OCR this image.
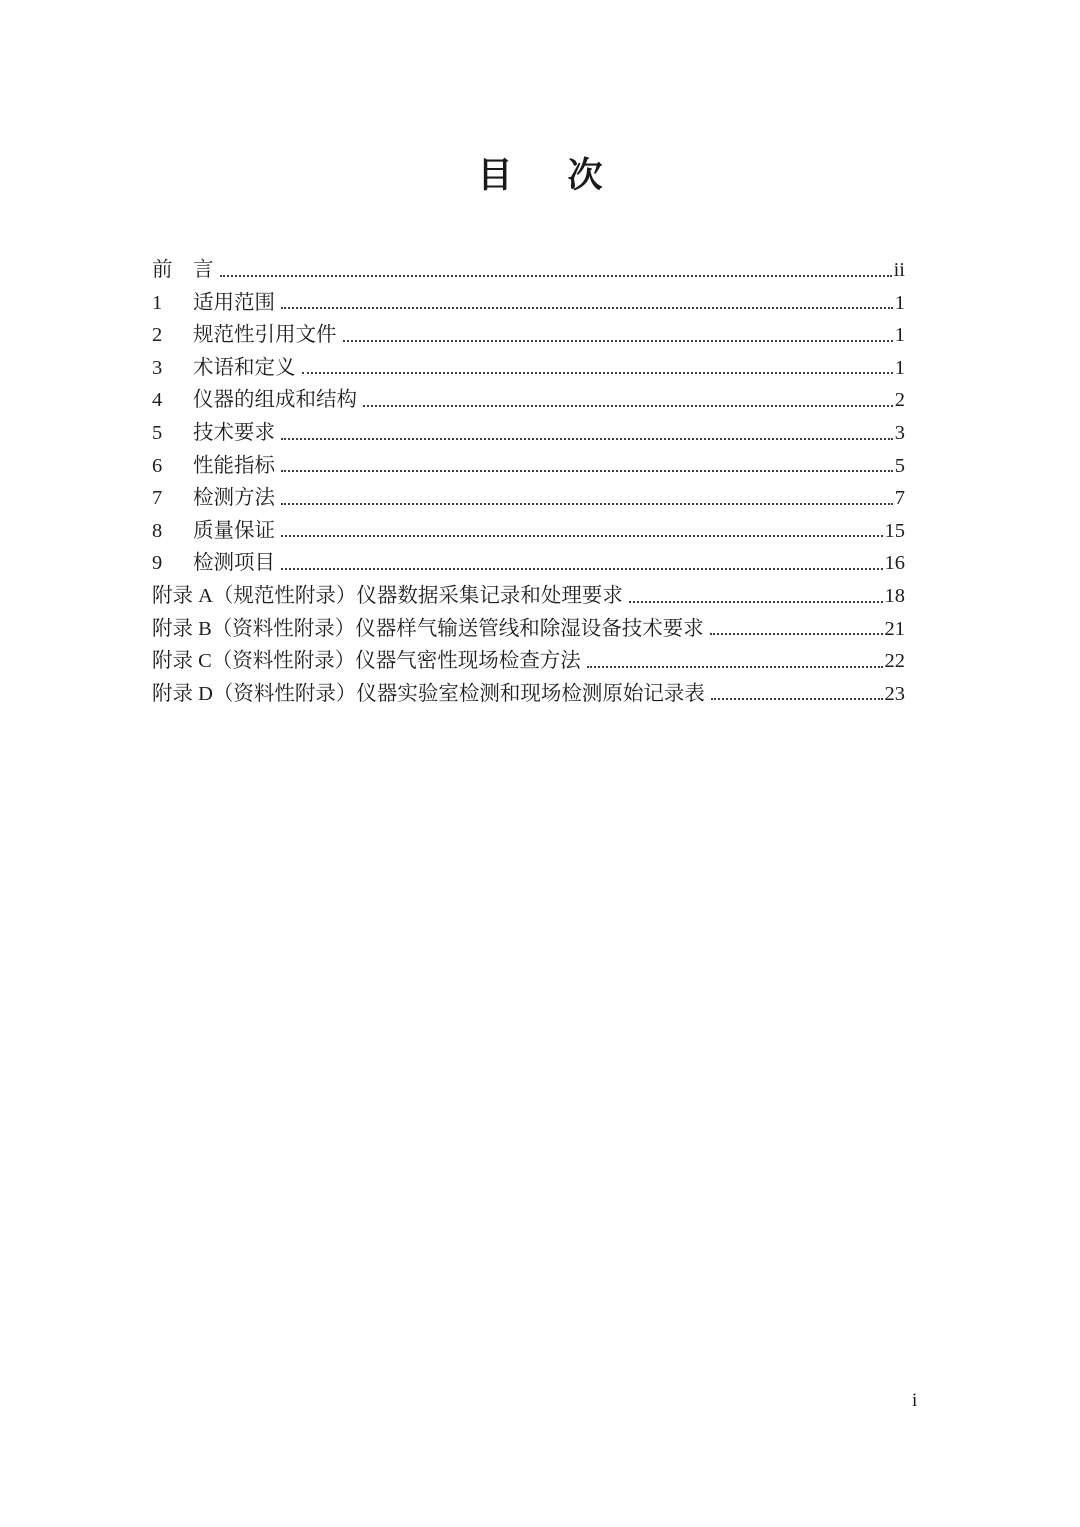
目　次
前	言	ii
1	适用范围	1
2	规范性引用文件	1
3	术语和定义	1
4	仪器的组成和结构	2
5	技术要求	3
6	性能指标	5
7	检测方法	7
8	质量保证	15
9	检测项目	16
附录 A（规范性附录）仪器数据采集记录和处理要求	18
附录 B（资料性附录）仪器样气输送管线和除湿设备技术要求	21
附录 C（资料性附录）仪器气密性现场检查方法	22
附录 D（资料性附录）仪器实验室检测和现场检测原始记录表	23
i
